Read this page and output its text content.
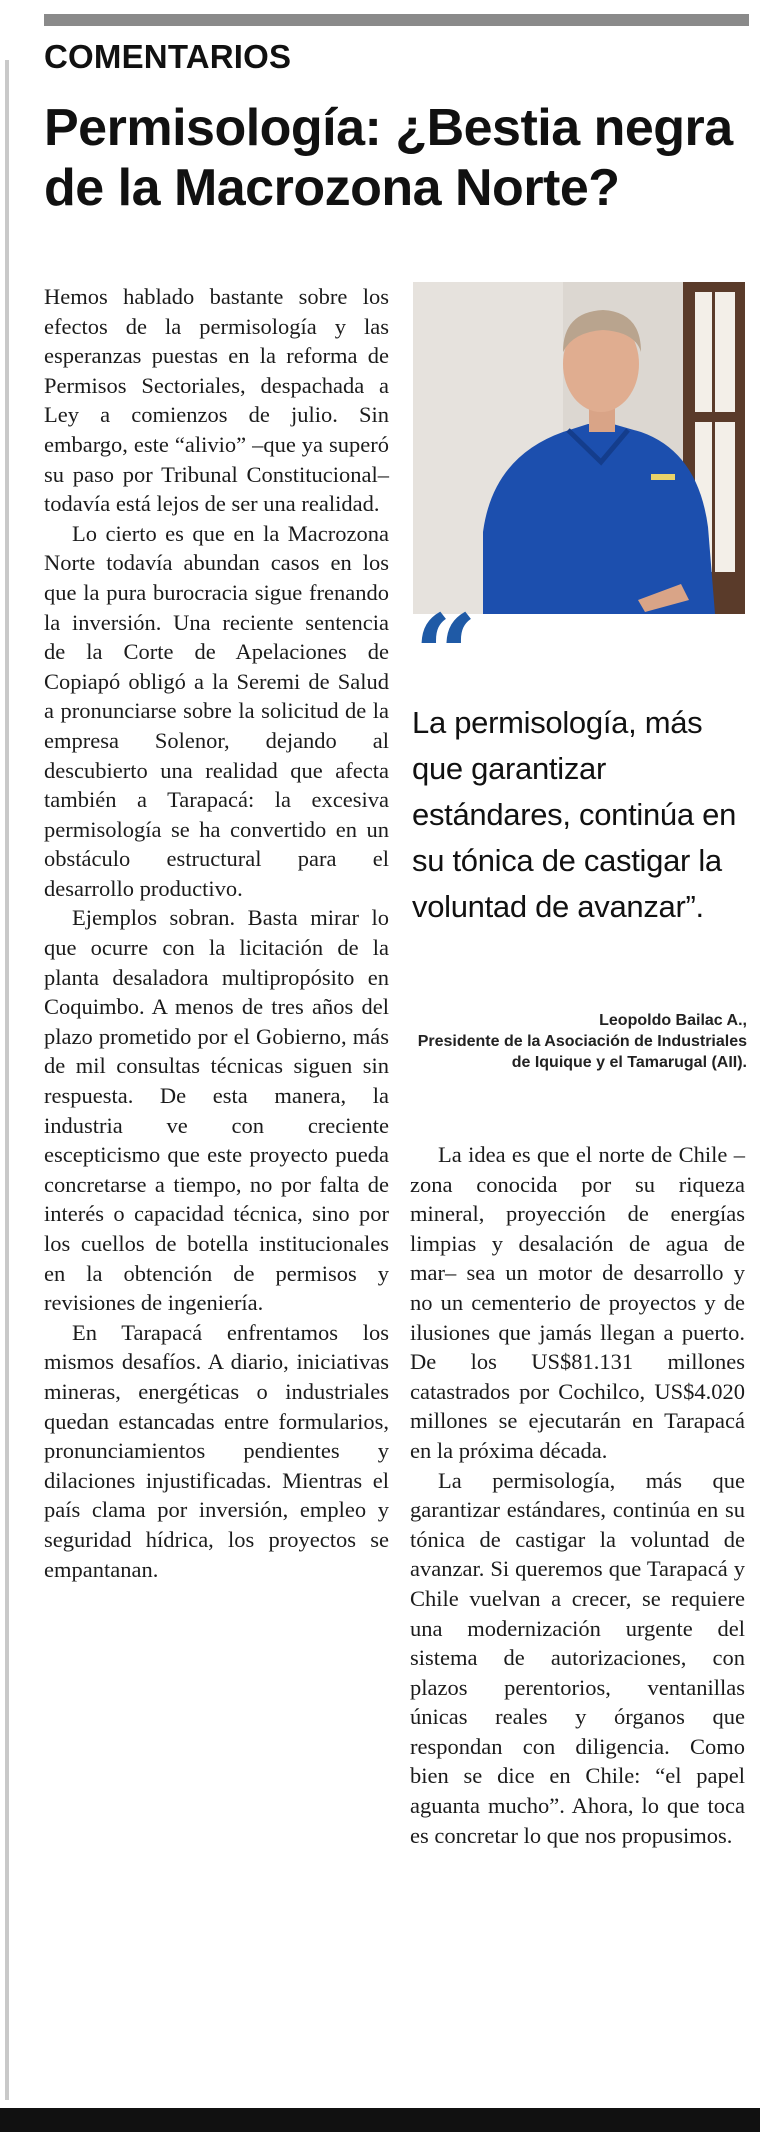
COMENTARIOS
Permisología: ¿Bestia negra de la Macrozona Norte?

Hemos hablado bastante sobre los efectos de la permisología y las esperanzas puestas en la reforma de Permisos Sectoriales, despachada a Ley a comienzos de julio. Sin embargo, este “alivio” –que ya superó su paso por Tribunal Constitucional– todavía está lejos de ser una realidad.

Lo cierto es que en la Macrozona Norte todavía abundan casos en los que la pura burocracia sigue frenando la inversión. Una reciente sentencia de la Corte de Apelaciones de Copiapó obligó a la Seremi de Salud a pronunciarse sobre la solicitud de la empresa Solenor, dejando al descubierto una realidad que afecta también a Tarapacá: la excesiva permisología se ha convertido en un obstáculo estructural para el desarrollo productivo.

Ejemplos sobran. Basta mirar lo que ocurre con la licitación de la planta desaladora multipropósito en Coquimbo. A menos de tres años del plazo prometido por el Gobierno, más de mil consultas técnicas siguen sin respuesta. De esta manera, la industria ve con creciente escepticismo que este proyecto pueda concretarse a tiempo, no por falta de interés o capacidad técnica, sino por los cuellos de botella institucionales en la obtención de permisos y revisiones de ingeniería.

En Tarapacá enfrentamos los mismos desafíos. A diario, iniciativas mineras, energéticas o industriales quedan estancadas entre formularios, pronunciamientos pendientes y dilaciones injustificadas. Mientras el país clama por inversión, empleo y seguridad hídrica, los proyectos se empantanan.

“
La permisología, más que garantizar estándares, continúa en su tónica de castigar la voluntad de avanzar”.
Leopoldo Bailac A.,
Presidente de la Asociación de Industriales de Iquique y el Tamarugal (AII).

La idea es que el norte de Chile –zona conocida por su riqueza mineral, proyección de energías limpias y desalación de agua de mar– sea un motor de desarrollo y no un cementerio de proyectos y de ilusiones que jamás llegan a puerto. De los US$81.131 millones catastrados por Cochilco, US$4.020 millones se ejecutarán en Tarapacá en la próxima década.

La permisología, más que garantizar estándares, continúa en su tónica de castigar la voluntad de avanzar. Si queremos que Tarapacá y Chile vuelvan a crecer, se requiere una modernización urgente del sistema de autorizaciones, con plazos perentorios, ventanillas únicas reales y órganos que respondan con diligencia. Como bien se dice en Chile: “el papel aguanta mucho”. Ahora, lo que toca es concretar lo que nos propusimos.
